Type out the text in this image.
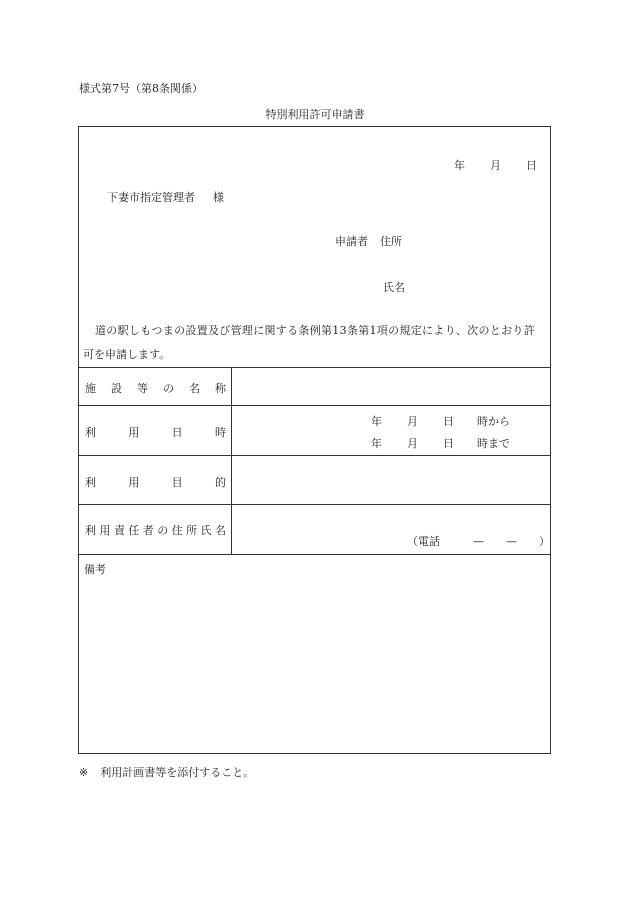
様式第7号（第8条関係）
特別利用許可申請書
年 月 日
下妻市指定管理者 様
申請者 住所
氏名
道の駅しもつまの設置及び管理に関する条例第13条第1項の規定により、次のとおり許
可を申請します。
施 設 等 の 名 称
利	用	日	時
年 月 日 時から
年 月 日 時まで
利	用	目	的
利 用 責 任 者 の 住 所 氏 名
（電話　　　—　　—　　）
備考
※ 利用計画書等を添付すること。
